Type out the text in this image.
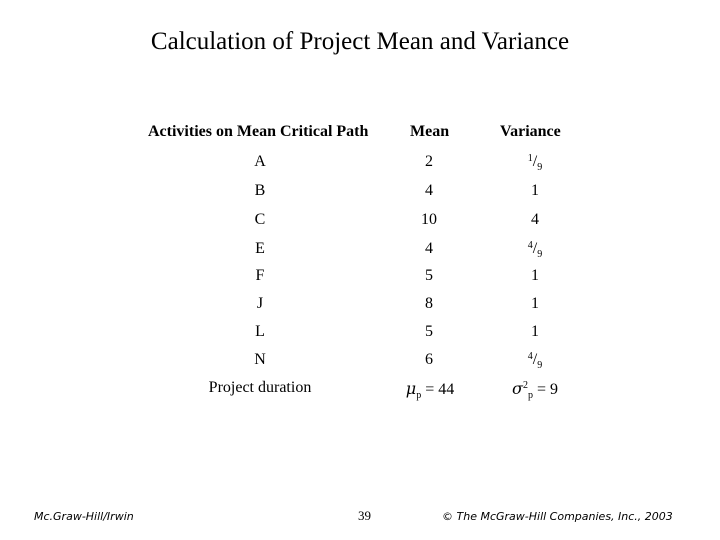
Calculation of Project Mean and Variance
Activities on Mean Critical Path	Mean	Variance
A	2	$^1/_9$
B	4	1
C	10	4
E	4	$^4/_9$
F	5	1
J	8	1
L	5	1
N	6	$^4/_9$
Project duration	$\mu_p = 44$	$\sigma^2_p = 9$
Mc.Graw-Hill/Irwin	39	© The McGraw-Hill Companies, Inc., 2003
